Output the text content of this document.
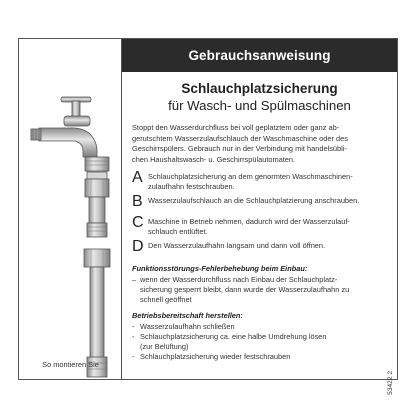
So montieren Sie
Gebrauchsanweisung
Schlauchplatzsicherung
für Wasch- und Spülmaschinen
Stoppt den Wasserdurchfluss bei voll geplatztem oder ganz ab-
gerutschtem Wasserzulaufschlauch der Waschmaschine oder des
Geschirrspülers. Gebrauch nur in der Verbindung mit handelsübli-
chen Haushaltswasch- u. Geschirrspülautomaten.
A Schlauchplatzsicherung an dem genormten Waschmaschinen-
zulaufhahn festschrauben.
B Wasserzulaufschlauch an die Schlauchplatzierung anschrauben.
C Maschine in Betrieb nehmen, dadurch wird der Wasserzulauf-
schlauch entlüftet.
D Den Wasserzulaufhahn langsam und dann voll öffnen.
Funktionsstörungs-Fehlerbehebung beim Einbau:
– wenn der Wasserdurchfluss nach Einbau der Schlauchplatz-
sicherung gesperrt bleibt, dann wurde der Wasserzulaufhahn zu
schnell geöffnet
Betriebsbereitschaft herstellen:
- Wasserzulaufhahn schließen
- Schlauchplatzsicherung ca. eine halbe Umdrehung lösen
(zur Belüftung)
- Schlauchplatzsicherung wieder festschrauben
53422 2
